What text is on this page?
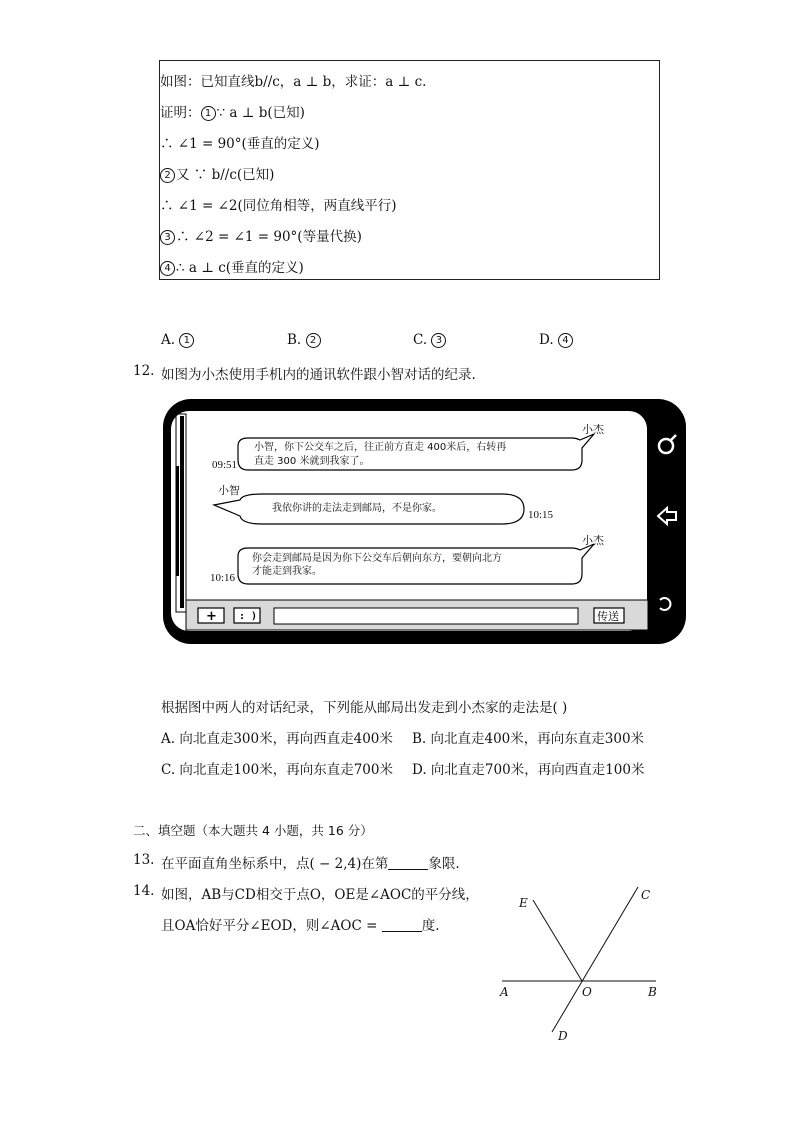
如图：已知直线b//c，a ⊥ b，求证：a ⊥ c.
证明： 1 ∵ a ⊥ b(已知)
∴ ∠1 = 90°(垂直的定义)
2 又 ∵ b//c(已知)
∴ ∠1 = ∠2(同位角相等，两直线平行)
3 ∴ ∠2 = ∠1 = 90°(等量代换)
4 ∴ a ⊥ c(垂直的定义)
A. 1	B. 2	C. 3	D. 4
12. 如图为小杰使用手机内的通讯软件跟小智对话的纪录.
小杰
小智，你下公交车之后，往正前方直走 400米后，右转再
直走 300 米就到我家了。
09:51
小智
我依你讲的走法走到邮局，不是你家。
10:15
小杰
你会走到邮局是因为你下公交车后朝向东方，要朝向北方
才能走到我家。
10:16
+ : )	传送
根据图中两人的对话纪录，下列能从邮局出发走到小杰家的走法是( )
A. 向北直走300米，再向西直走400米 B. 向北直走400米，再向东直走300米
C. 向北直走100米，再向东直走700米 D. 向北直走700米，再向西直走100米
二、填空题（本大题共 4 小题，共 16 分）
13. 在平面直角坐标系中，点( − 2,4)在第	象限.
14. 如图，AB与CD相交于点O，OE是∠AOC的平分线，
且OA恰好平分∠EOD，则∠AOC =	度.
A	B
C
D
E
O
